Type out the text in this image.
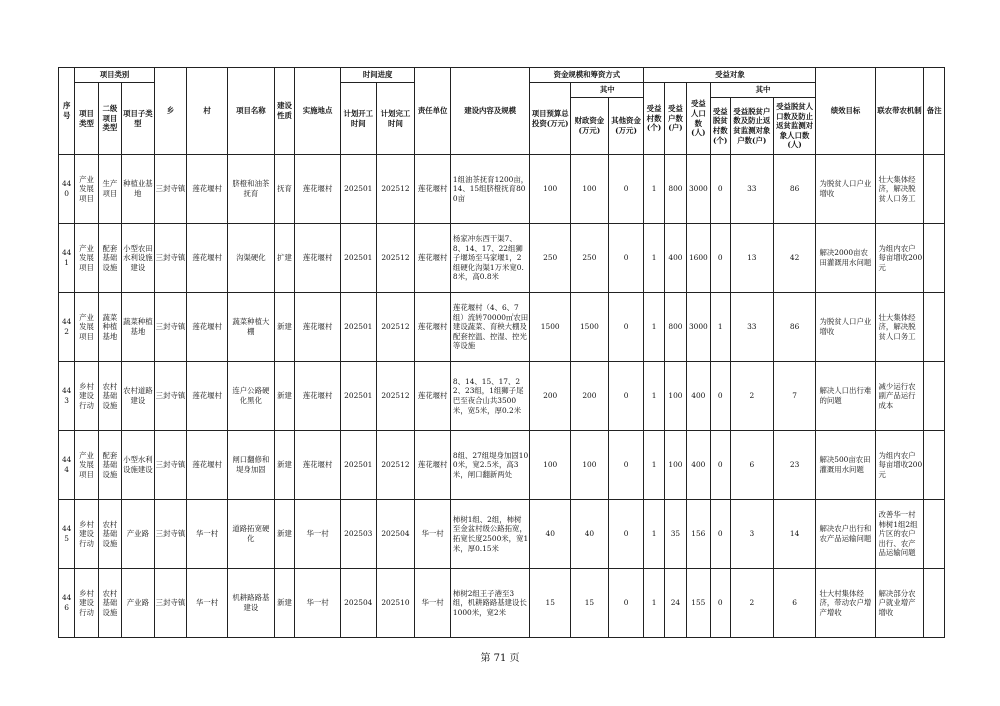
序号	项目类别			乡	村	项目名称	建设性质	实施地点	时间进度		责任单位	建设内容及规模	资金规模和筹资方式			受益对象						绩效目标	联农带农机制	备注
	项目类型	二级项目类型	项目子类型						计划开工时间	计划完工时间			项目预算总投资(万元)	其中		受益村数(个)	受益户数(户)	受益人口数(人)	其中					
														财政资金(万元)	其他资金(万元)				受益脱贫村数(个)	受益脱贫户数及防止返贫监测对象户数(户)	受益脱贫人口数及防止返贫监测对象人口数(人)			
440	产业发展项目	生产项目	种植业基地	三封寺镇	莲花堰村	脐橙和油茶抚育	抚育	莲花堰村	202501	202512	莲花堰村	1组油茶抚育1200亩，14、15组脐橙抚育800亩	100	100	0	1	800	3000	0	33	86	为脱贫人口户业增收	壮大集体经济，解决脱贫人口务工	
441	产业发展项目	配套基础设施	小型农田水利设施建设	三封寺镇	莲花堰村	沟渠硬化	扩建	莲花堰村	202501	202512	莲花堰村	杨家冲东西干渠7、8、14、17、22组狮子堰场至马家堰1，2组硬化沟渠1万米宽0.8米，高0.8米	250	250	0	1	400	1600	0	13	42	解决2000亩农田灌溉用水问题	为组内农户每亩增收200元	
442	产业发展项目	蔬菜种植基地	蔬菜种植基地	三封寺镇	莲花堰村	蔬菜种植大棚	新建	莲花堰村	202501	202512	莲花堰村	莲花堰村（4、6、7组）流转70000㎡农田建设蔬菜、育秧大棚及配套控温、控湿、控光等设施	1500	1500	0	1	800	3000	1	33	86	为脱贫人口户业增收	壮大集体经济，解决脱贫人口务工	
443	乡村建设行动	农村基础设施	农村道路建设	三封寺镇	莲花堰村	连户公路硬化黑化	新建	莲花堰村	202501	202512	莲花堰村	8、14、15、17、22、23组，1组狮子尾巴至夜合山共3500米，宽5米，厚0.2米	200	200	0	1	100	400	0	2	7	解决人口出行难的问题	减少运行农副产品运行成本	
444	产业发展项目	配套基础设施	小型水利设施建设	三封寺镇	莲花堰村	闸口翻修和堤身加固	新建	莲花堰村	202501	202512	莲花堰村	8组、27组堤身加固100米，宽2.5米，高3米，闸口翻新两处	100	100	0	1	100	400	0	6	23	解决500亩农田灌溉用水问题	为组内农户每亩增收200元	
445	乡村建设行动	农村基础设施	产业路	三封寺镇	华一村	道路拓宽硬化	新建	华一村	202503	202504	华一村	柿树1组、2组，柿树至金盆村级公路拓宽，拓宽长度2500米，宽1米，厚0.15米	40	40	0	1	35	156	0	3	14	解决农户出行和农产品运输问题	改善华一村柿树1组2组片区的农户出行、农产品运输问题	
446	乡村建设行动	农村基础设施	产业路	三封寺镇	华一村	机耕路路基建设	新建	华一村	202504	202510	华一村	柿树2组王子港至3组，机耕路路基建设长1000米，宽2米	15	15	0	1	24	155	0	2	6	壮大村集体经济，带动农户增产增收	解决部分农户就业增产增收	
第 71 页
